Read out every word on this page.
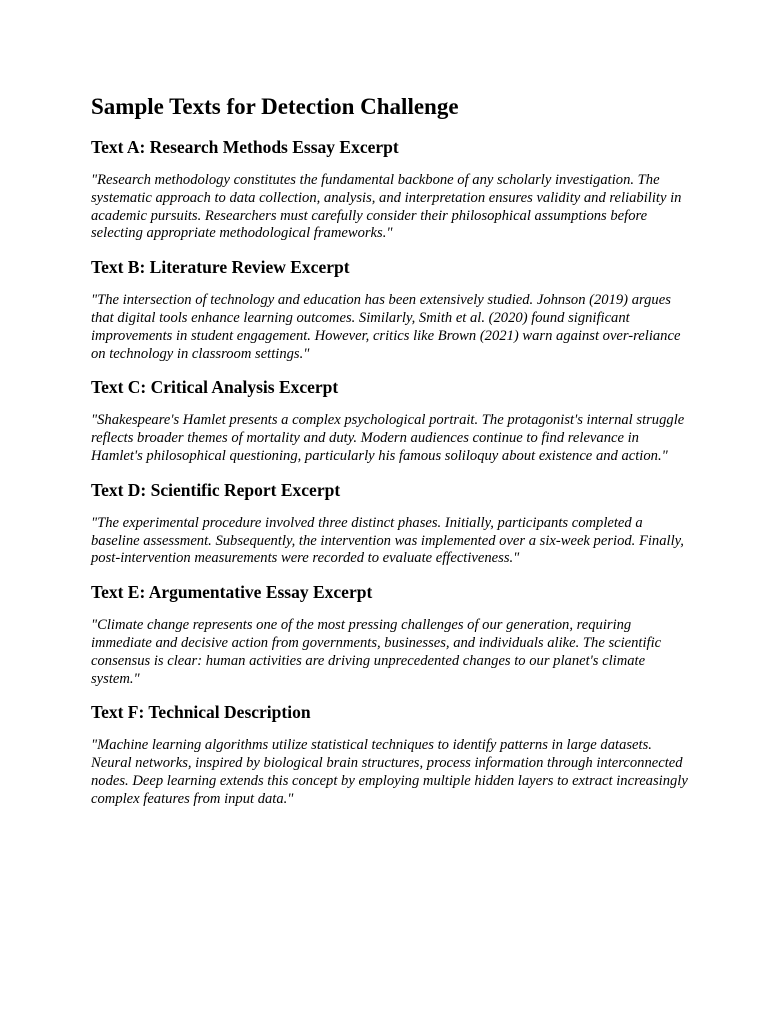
Sample Texts for Detection Challenge
Text A: Research Methods Essay Excerpt

"Research methodology constitutes the fundamental backbone of any scholarly investigation. The systematic approach to data collection, analysis, and interpretation ensures validity and reliability in academic pursuits. Researchers must carefully consider their philosophical assumptions before selecting appropriate methodological frameworks."

Text B: Literature Review Excerpt

"The intersection of technology and education has been extensively studied. Johnson (2019) argues that digital tools enhance learning outcomes. Similarly, Smith et al. (2020) found significant improvements in student engagement. However, critics like Brown (2021) warn against over-reliance on technology in classroom settings."

Text C: Critical Analysis Excerpt

"Shakespeare's Hamlet presents a complex psychological portrait. The protagonist's internal struggle reflects broader themes of mortality and duty. Modern audiences continue to find relevance in Hamlet's philosophical questioning, particularly his famous soliloquy about existence and action."

Text D: Scientific Report Excerpt

"The experimental procedure involved three distinct phases. Initially, participants completed a baseline assessment. Subsequently, the intervention was implemented over a six-week period. Finally, post-intervention measurements were recorded to evaluate effectiveness."

Text E: Argumentative Essay Excerpt

"Climate change represents one of the most pressing challenges of our generation, requiring immediate and decisive action from governments, businesses, and individuals alike. The scientific consensus is clear: human activities are driving unprecedented changes to our planet's climate system."

Text F: Technical Description

"Machine learning algorithms utilize statistical techniques to identify patterns in large datasets. Neural networks, inspired by biological brain structures, process information through interconnected nodes. Deep learning extends this concept by employing multiple hidden layers to extract increasingly complex features from input data."
